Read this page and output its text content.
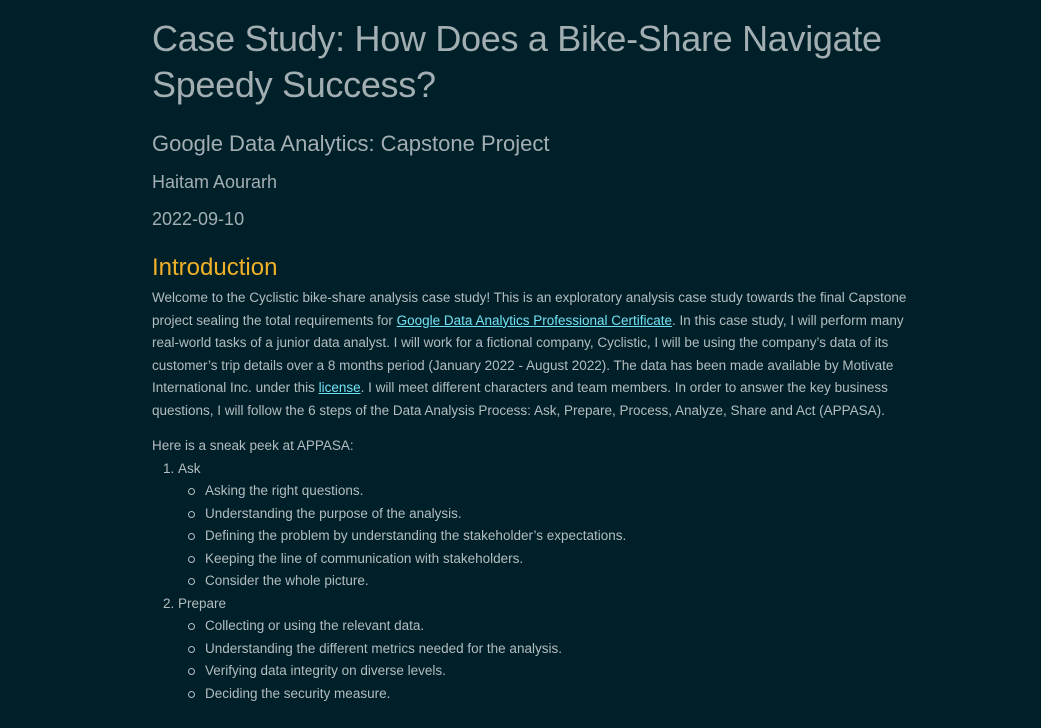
Case Study: How Does a Bike-Share Navigate Speedy Success?
Google Data Analytics: Capstone Project
Haitam Aourarh
2022-09-10
Introduction

Welcome to the Cyclistic bike-share analysis case study! This is an exploratory analysis case study towards the final Capstone project sealing the total requirements for Google Data Analytics Professional Certificate. In this case study, I will perform many real-world tasks of a junior data analyst. I will work for a fictional company, Cyclistic, I will be using the company’s data of its customer’s trip details over a 8 months period (January 2022 - August 2022). The data has been made available by Motivate International Inc. under this license. I will meet different characters and team members. In order to answer the key business questions, I will follow the 6 steps of the Data Analysis Process: Ask, Prepare, Process, Analyze, Share and Act (APPASA).

Here is a sneak peek at APPASA:

1. Ask
Asking the right questions.
Understanding the purpose of the analysis.
Defining the problem by understanding the stakeholder’s expectations.
Keeping the line of communication with stakeholders.
Consider the whole picture.
2. Prepare
Collecting or using the relevant data.
Understanding the different metrics needed for the analysis.
Verifying data integrity on diverse levels.
Deciding the security measure.
